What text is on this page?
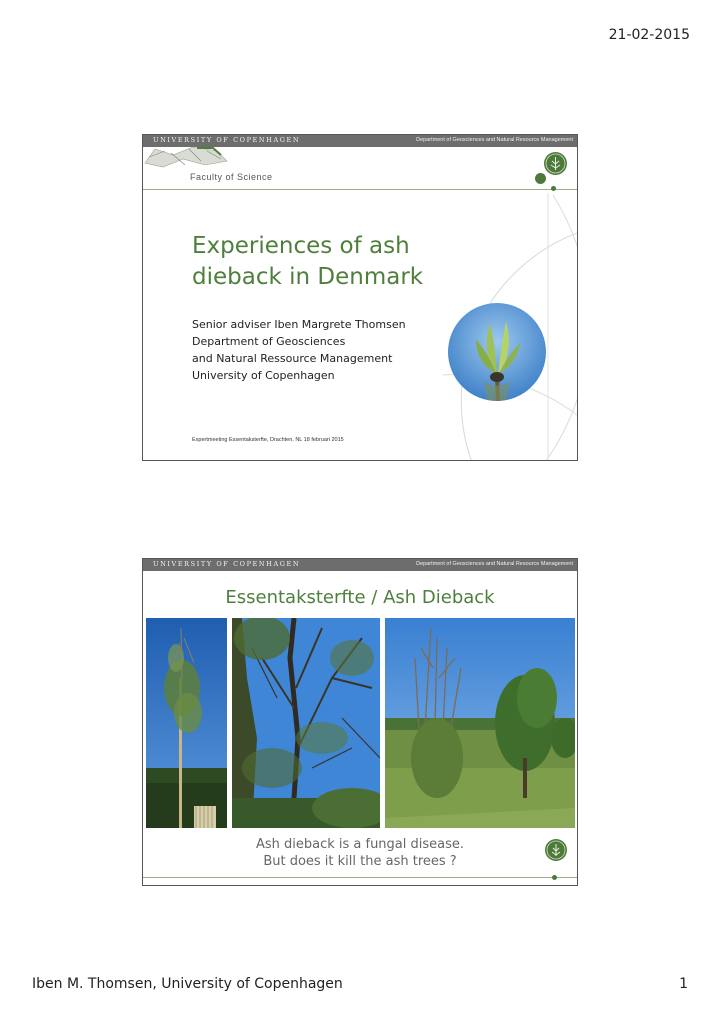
21-02-2015
UNIVERSITY OF COPENHAGEN	Department of Geosciences and Natural Resource Management
Faculty of Science
Experiences of ash
dieback in Denmark
Senior adviser Iben Margrete Thomsen
Department of Geosciences
and Natural Ressource Management
University of Copenhagen
Expertmeeting Essentaksterfte, Drachten, NL 18 februari 2015
UNIVERSITY OF COPENHAGEN	Department of Geosciences and Natural Resource Management
Essentaksterfte / Ash Dieback
Ash dieback is a fungal disease.
But does it kill the ash trees ?
Iben M. Thomsen, University of Copenhagen	1
